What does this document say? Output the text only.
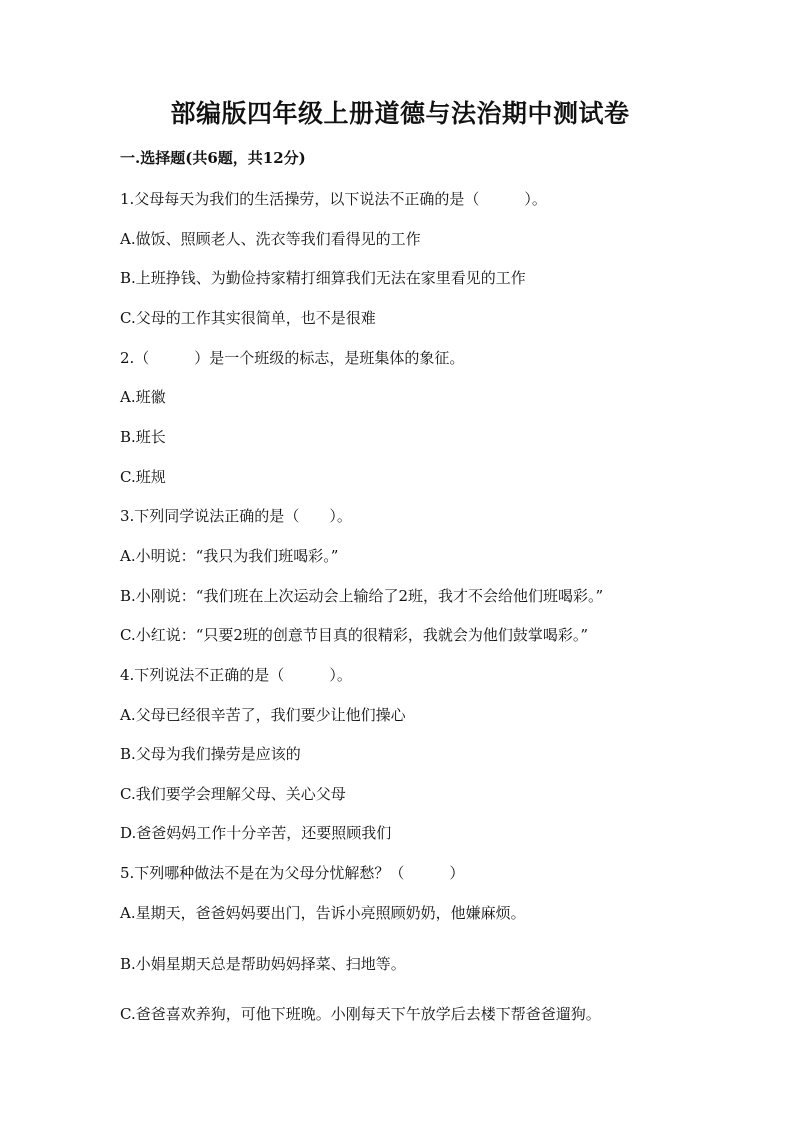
部编版四年级上册道德与法治期中测试卷
一.选择题(共6题，共12分)
1.父母每天为我们的生活操劳，以下说法不正确的是（　　　）。
A.做饭、照顾老人、洗衣等我们看得见的工作
B.上班挣钱、为勤俭持家精打细算我们无法在家里看见的工作
C.父母的工作其实很简单，也不是很难
2.（　　　）是一个班级的标志，是班集体的象征。
A.班徽
B.班长
C.班规
3.下列同学说法正确的是（　　）。
A.小明说：“我只为我们班喝彩。”
B.小刚说：“我们班在上次运动会上输给了2班，我才不会给他们班喝彩。”
C.小红说：“只要2班的创意节目真的很精彩，我就会为他们鼓掌喝彩。”
4.下列说法不正确的是（　　　）。
A.父母已经很辛苦了，我们要少让他们操心
B.父母为我们操劳是应该的
C.我们要学会理解父母、关心父母
D.爸爸妈妈工作十分辛苦，还要照顾我们
5.下列哪种做法不是在为父母分忧解愁？（　　　）
A.星期天，爸爸妈妈要出门，告诉小亮照顾奶奶，他嫌麻烦。
B.小娟星期天总是帮助妈妈择菜、扫地等。
C.爸爸喜欢养狗，可他下班晚。小刚每天下午放学后去楼下帮爸爸遛狗。
